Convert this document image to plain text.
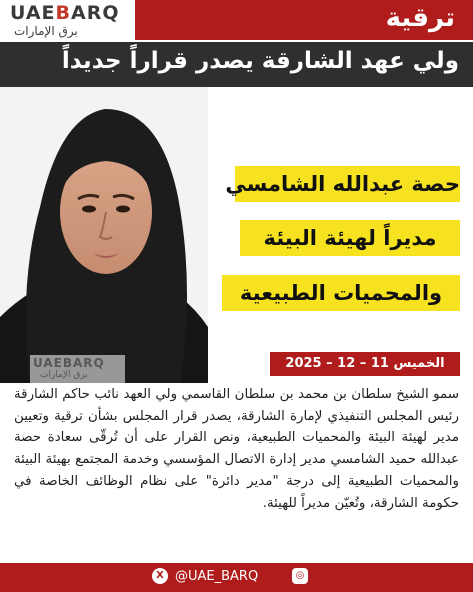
UAEBARQ
برق الإمارات	ترقية
ولي عهد الشارقة يصدر قراراً جديداً
حصة عبدالله الشامسي
مديراً لهيئة البيئة
والمحميات الطبيعية
UAEBARQ
برق الإمارات
الخميس 11 – 12 – 2025
سمو الشيخ سلطان بن محمد بن سلطان القاسمي ولي العهد نائب حاكم الشارقة رئيس المجلس التنفيذي لإمارة الشارقة، يصدر قرار المجلس بشأن ترقية وتعيين مدير لهيئة البيئة والمحميات الطبيعية، ونص القرار على أن تُرقّى سعادة حصة عبدالله حميد الشامسي مدير إدارة الاتصال المؤسسي وخدمة المجتمع بهيئة البيئة والمحميات الطبيعية إلى درجة "مدير دائرة" على نظام الوظائف الخاصة في حكومة الشارقة، وتُعيّن مديراً للهيئة.
X @UAE_BARQ	◎
